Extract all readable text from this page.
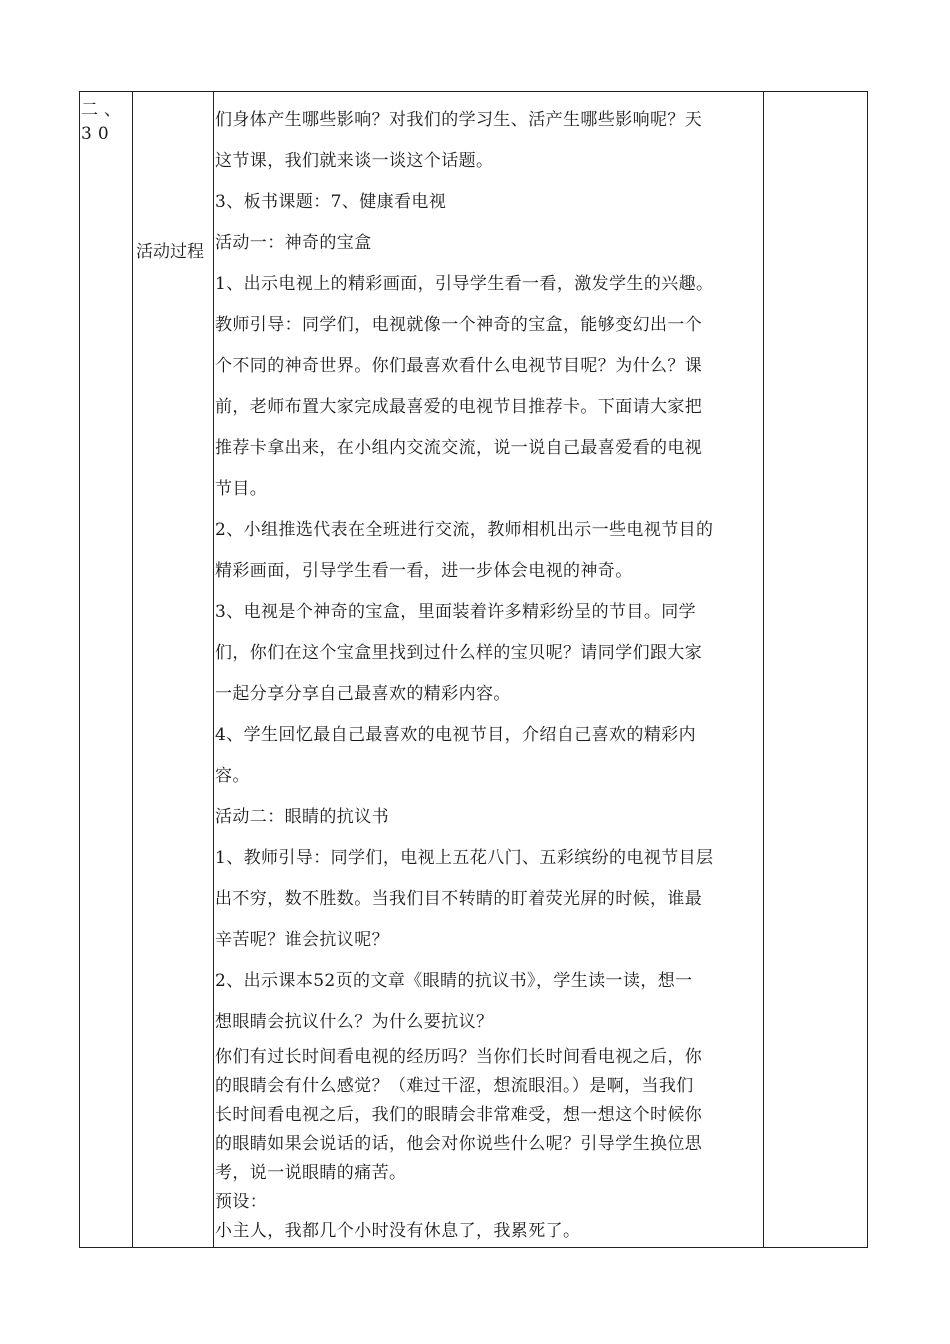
二、30
活动过程

们身体产生哪些影响？对我们的学习生、活产生哪些影响呢？天

这节课，我们就来谈一谈这个话题。

3、板书课题：7、健康看电视

活动一：神奇的宝盒

1、出示电视上的精彩画面，引导学生看一看，激发学生的兴趣。

教师引导：同学们，电视就像一个神奇的宝盒，能够变幻出一个

个不同的神奇世界。你们最喜欢看什么电视节目呢？为什么？课

前，老师布置大家完成最喜爱的电视节目推荐卡。下面请大家把

推荐卡拿出来，在小组内交流交流，说一说自己最喜爱看的电视

节目。

2、小组推选代表在全班进行交流，教师相机出示一些电视节目的

精彩画面，引导学生看一看，进一步体会电视的神奇。

3、电视是个神奇的宝盒，里面装着许多精彩纷呈的节目。同学

们，你们在这个宝盒里找到过什么样的宝贝呢？请同学们跟大家

一起分享分享自己最喜欢的精彩内容。

4、学生回忆最自己最喜欢的电视节目，介绍自己喜欢的精彩内

容。

活动二：眼睛的抗议书

1、教师引导：同学们，电视上五花八门、五彩缤纷的电视节目层

出不穷，数不胜数。当我们目不转睛的盯着荧光屏的时候，谁最

辛苦呢？谁会抗议呢？

2、出示课本52页的文章《眼睛的抗议书》，学生读一读，想一

想眼睛会抗议什么？为什么要抗议？

你们有过长时间看电视的经历吗？当你们长时间看电视之后，你

的眼睛会有什么感觉？（难过干涩，想流眼泪。）是啊，当我们

长时间看电视之后，我们的眼睛会非常难受，想一想这个时候你

的眼睛如果会说话的话，他会对你说些什么呢？引导学生换位思

考，说一说眼睛的痛苦。

预设：

小主人，我都几个小时没有休息了，我累死了。
